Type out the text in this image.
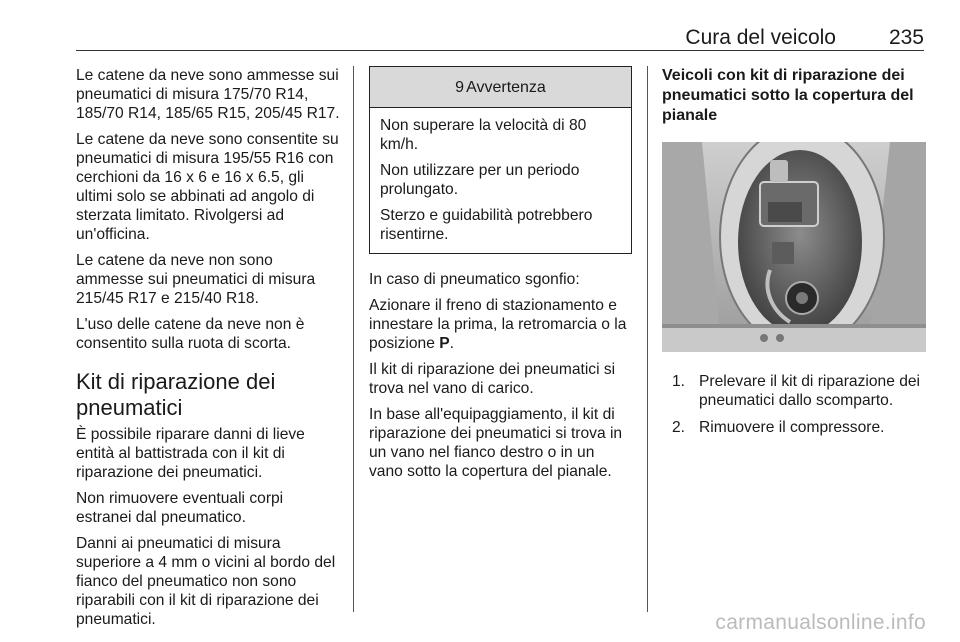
Cura del veicolo	235

Le catene da neve sono ammesse sui pneumatici di misura 175/70 R14, 185/70 R14, 185/65 R15, 205/45 R17.

Le catene da neve sono consentite su pneumatici di misura 195/55 R16 con cerchioni da 16 x 6 e 16 x 6.5, gli ultimi solo se abbinati ad angolo di sterzata limitato. Rivolgersi ad un'officina.

Le catene da neve non sono ammesse sui pneumatici di misura 215/45 R17 e 215/40 R18.

L'uso delle catene da neve non è consentito sulla ruota di scorta.

Kit di riparazione dei pneumatici

È possibile riparare danni di lieve entità al battistrada con il kit di riparazione dei pneumatici.

Non rimuovere eventuali corpi estranei dal pneumatico.

Danni ai pneumatici di misura superiore a 4 mm o vicini al bordo del fianco del pneumatico non sono riparabili con il kit di riparazione dei pneumatici.

9 Avvertenza

Non superare la velocità di 80 km/h.

Non utilizzare per un periodo prolungato.

Sterzo e guidabilità potrebbero risentirne.

In caso di pneumatico sgonfio:

Azionare il freno di stazionamento e innestare la prima, la retromarcia o la posizione P.

Il kit di riparazione dei pneumatici si trova nel vano di carico.

In base all'equipaggiamento, il kit di riparazione dei pneumatici si trova in un vano nel fianco destro o in un vano sotto la copertura del pianale.

Veicoli con kit di riparazione dei pneumatici sotto la copertura del pianale
1. Prelevare il kit di riparazione dei pneumatici dallo scomparto.
2. Rimuovere il compressore.
carmanualsonline.info
